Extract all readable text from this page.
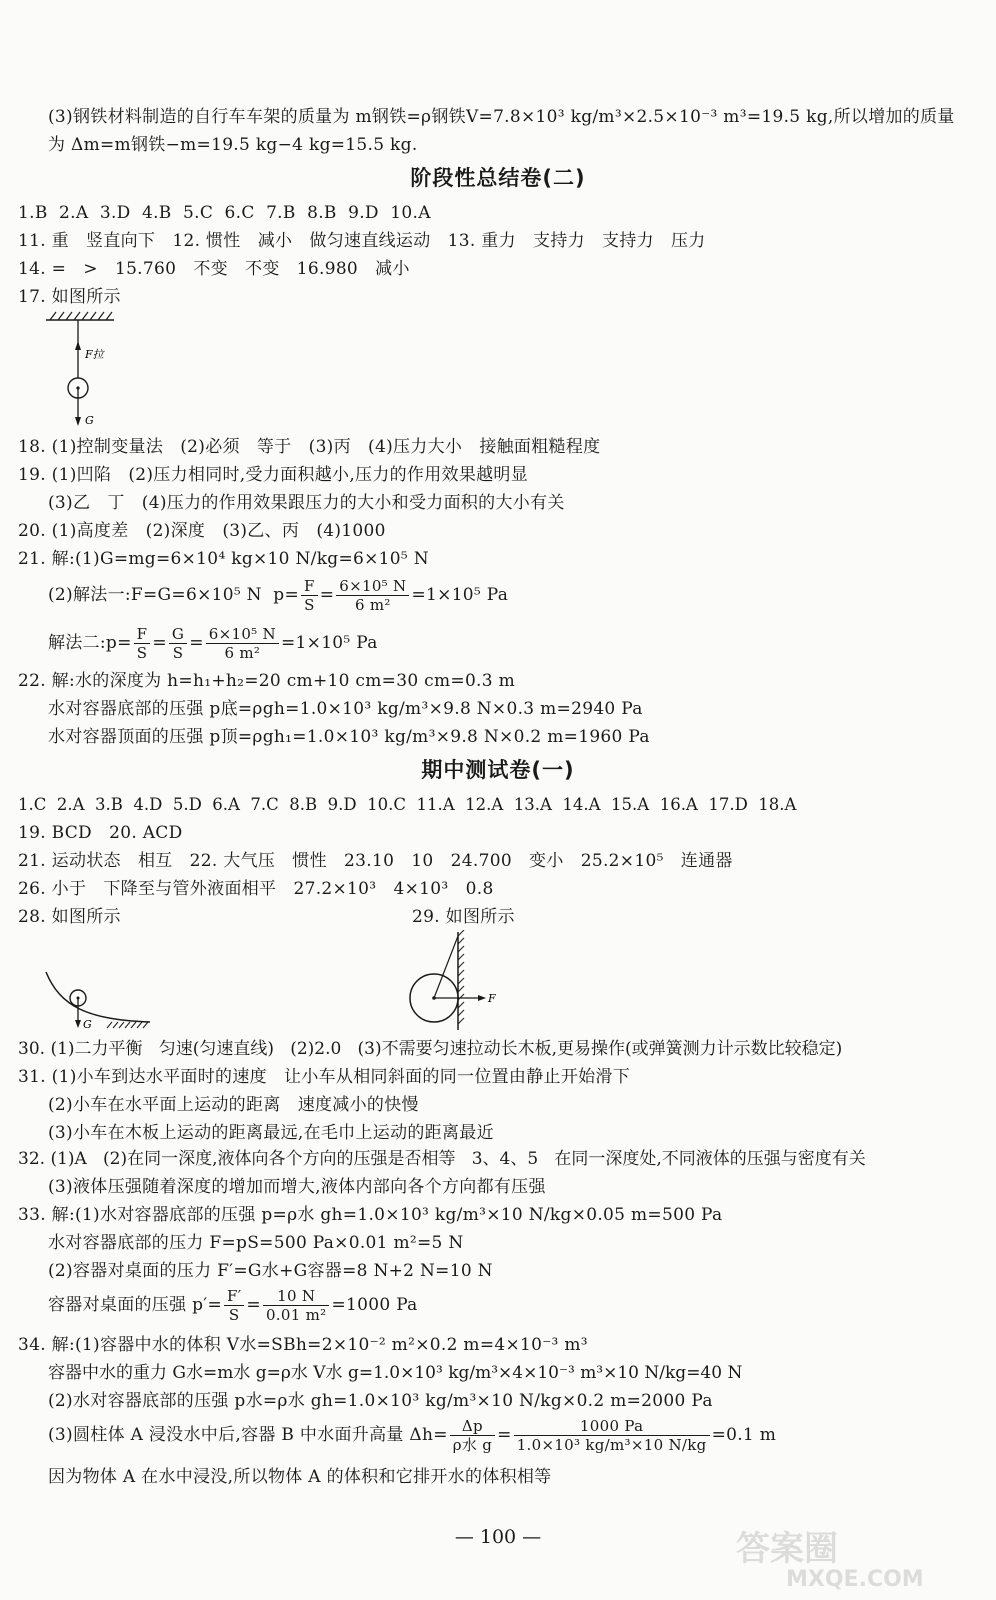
(3)钢铁材料制造的自行车车架的质量为 m钢铁=ρ钢铁V=7.8×10³ kg/m³×2.5×10⁻³ m³=19.5 kg,所以增加的质量
为 Δm=m钢铁−m=19.5 kg−4 kg=15.5 kg.
阶段性总结卷(二)
1.B  2.A  3.D  4.B  5.C  6.C  7.B  8.B  9.D  10.A
11. 重   竖直向下   12. 惯性   减小   做匀速直线运动   13. 重力   支持力   支持力   压力
14. =   >   15.760   不变   不变   16.980   减小
17. 如图所示
F拉
G
18. (1)控制变量法   (2)必须   等于   (3)丙   (4)压力大小   接触面粗糙程度
19. (1)凹陷   (2)压力相同时,受力面积越小,压力的作用效果越明显
(3)乙   丁   (4)压力的作用效果跟压力的大小和受力面积的大小有关
20. (1)高度差   (2)深度   (3)乙、丙   (4)1000
21. 解:(1)G=mg=6×10⁴ kg×10 N/kg=6×10⁵ N
(2)解法一:F=G=6×10⁵ N  $p= \frac{F}{S} = \frac{\text{6×10⁵ N}}{\text{6 m²}} =1\times 10^5$ Pa
解法二:p= $\frac{F}{S} = \frac{G}{S} = \frac{\text{6×10⁵ N}}{\text{6 m²}} =1\times 10^5$ Pa
22. 解:水的深度为 h=h₁+h₂=20 cm+10 cm=30 cm=0.3 m
水对容器底部的压强 p底=ρgh=1.0×10³ kg/m³×9.8 N×0.3 m=2940 Pa
水对容器顶面的压强 p顶=ρgh₁=1.0×10³ kg/m³×9.8 N×0.2 m=1960 Pa
期中测试卷(一)
1.C  2.A  3.B  4.D  5.D  6.A  7.C  8.B  9.D  10.C  11.A  12.A  13.A  14.A  15.A  16.A  17.D  18.A
19. BCD   20. ACD
21. 运动状态   相互   22. 大气压   惯性   23.10   10   24.700   变小   25.2×10⁵   连通器
26. 小于   下降至与管外液面相平   27.2×10³   4×10³   0.8
28. 如图所示	29. 如图所示
G
F
30. (1)二力平衡   匀速(匀速直线)   (2)2.0   (3)不需要匀速拉动长木板,更易操作(或弹簧测力计示数比较稳定)
31. (1)小车到达水平面时的速度   让小车从相同斜面的同一位置由静止开始滑下
(2)小车在水平面上运动的距离   速度减小的快慢
(3)小车在木板上运动的距离最远,在毛巾上运动的距离最近
32. (1)A   (2)在同一深度,液体向各个方向的压强是否相等   3、4、5   在同一深度处,不同液体的压强与密度有关
(3)液体压强随着深度的增加而增大,液体内部向各个方向都有压强
33. 解:(1)水对容器底部的压强 p=ρ水 gh=1.0×10³ kg/m³×10 N/kg×0.05 m=500 Pa
水对容器底部的压力 F=pS=500 Pa×0.01 m²=5 N
(2)容器对桌面的压力 F′=G水+G容器=8 N+2 N=10 N
容器对桌面的压强 $p'= \frac{F'}{S} = \frac{10 N}{\text{0.01 m²}} =1000$ Pa
34. 解:(1)容器中水的体积 V水=SBh=2×10⁻² m²×0.2 m=4×10⁻³ m³
容器中水的重力 G水=m水 g=ρ水 V水 g=1.0×10³ kg/m³×4×10⁻³ m³×10 N/kg=40 N
(2)水对容器底部的压强 p水=ρ水 gh=1.0×10³ kg/m³×10 N/kg×0.2 m=2000 Pa
(3)圆柱体 A 浸没水中后,容器 B 中水面升高量 $\Delta h= \frac{\Delta p}{\text{ρ水 g}} = \frac{1000 Pa}{\text{1.0×10³ kg/m³×10 N/kg}} =0.1$ m
因为物体 A 在水中浸没,所以物体 A 的体积和它排开水的体积相等
— 100 —	答案圈
MXQE.COM
